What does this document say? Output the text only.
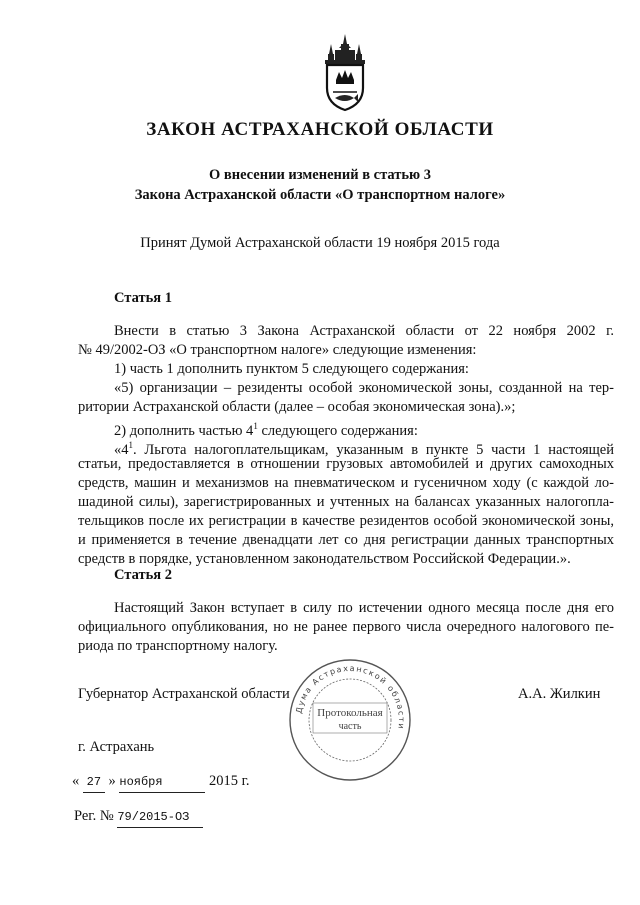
ЗАКОН АСТРАХАНСКОЙ ОБЛАСТИ
О внесении изменений в статью 3
Закона Астраханской области «О транспортном налоге»
Принят Думой Астраханской области 19 ноября 2015 года
Статья 1
Внести в статью 3 Закона Астраханской области от 22 ноября 2002 г.
№ 49/2002-ОЗ «О транспортном налоге» следующие изменения:
1) часть 1 дополнить пунктом 5 следующего содержания:
«5) организации – резиденты особой экономической зоны, созданной на тер-
ритории Астраханской области (далее – особая экономическая зона).»;
2) дополнить частью $4^1$ следующего содержания:
«$4^1$. Льгота налогоплательщикам, указанным в пункте 5 части 1 настоящей
статьи, предоставляется в отношении грузовых автомобилей и других самоходных
средств, машин и механизмов на пневматическом и гусеничном ходу (с каждой ло-
шадиной силы), зарегистрированных и учтенных на балансах указанных налогопла-
тельщиков после их регистрации в качестве резидентов особой экономической зоны,
и применяется в течение двенадцати лет со дня регистрации данных транспортных
средств в порядке, установленном законодательством Российской Федерации.».
Статья 2
Настоящий Закон вступает в силу по истечении одного месяца после дня его
официального опубликования, но не ранее первого числа очередного налогового пе-
риода по транспортному налогу.
Губернатор Астраханской области	А.А. Жилкин
Дума Астраханской области
Протокольная
часть
г. Астрахань
« 27 » ноября	2015 г.
Рег. № 79/2015-ОЗ
